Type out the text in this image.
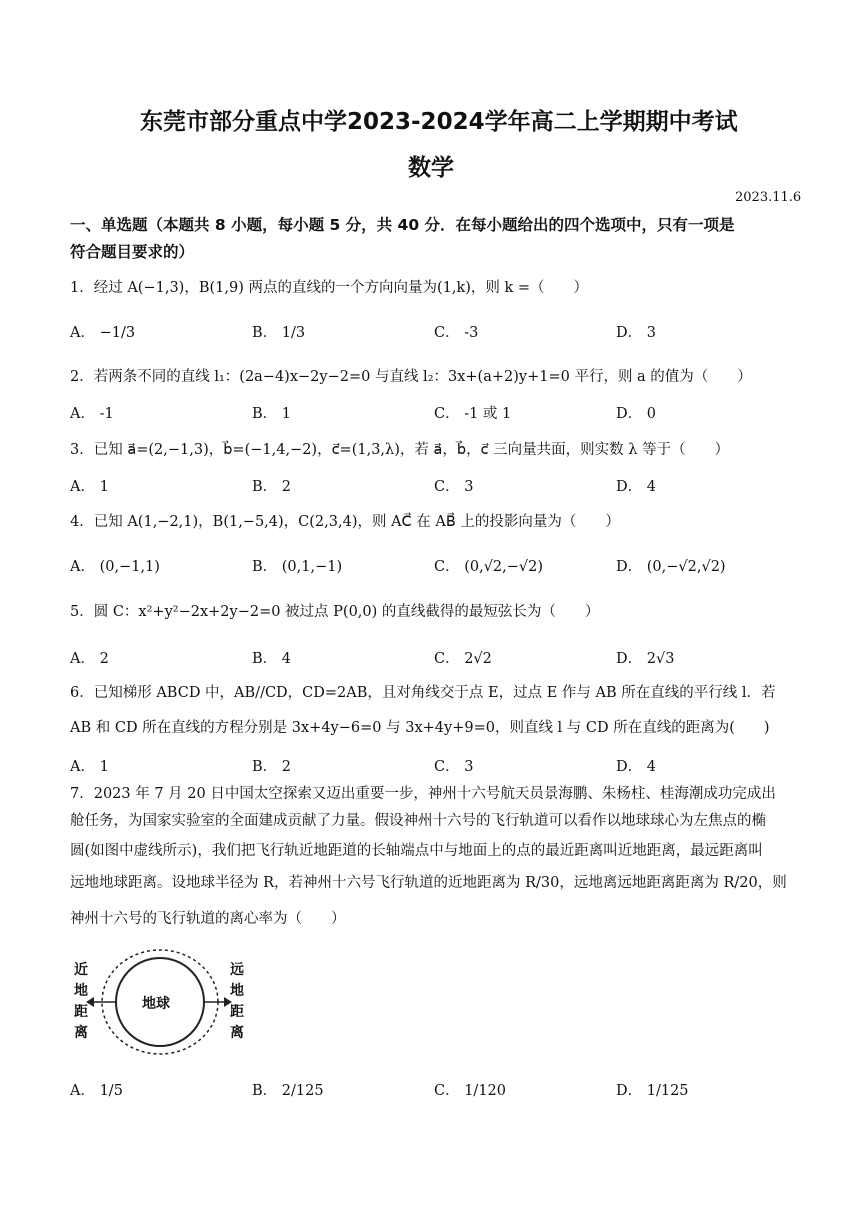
东莞市部分重点中学2023-2024学年高二上学期期中考试
数学
2023.11.6
一、单选题（本题共 8 小题，每小题 5 分，共 40 分．在每小题给出的四个选项中，只有一项是
符合题目要求的）
1．经过 A(−1,3)，B(1,9) 两点的直线的一个方向向量为(1,k)，则 k =（　　）
A． −1/3	B． 1/3	C． -3	D． 3
2．若两条不同的直线 l₁：(2a−4)x−2y−2=0 与直线 l₂：3x+(a+2)y+1=0 平行，则 a 的值为（　　）
A． -1	B． 1	C． -1 或 1	D． 0
3．已知 a⃗=(2,−1,3)，b⃗=(−1,4,−2)，c⃗=(1,3,λ)，若 a⃗，b⃗，c⃗ 三向量共面，则实数 λ 等于（　　）
A． 1	B． 2	C． 3	D． 4
4．已知 A(1,−2,1)，B(1,−5,4)，C(2,3,4)，则 AC⃗ 在 AB⃗ 上的投影向量为（　　）
A． (0,−1,1)	B． (0,1,−1)	C． (0,√2,−√2)	D． (0,−√2,√2)
5．圆 C：x²+y²−2x+2y−2=0 被过点 P(0,0) 的直线截得的最短弦长为（　　）
A． 2	B． 4	C． 2√2	D． 2√3
6．已知梯形 ABCD 中，AB//CD，CD=2AB，且对角线交于点 E，过点 E 作与 AB 所在直线的平行线 l．若
AB 和 CD 所在直线的方程分别是 3x+4y−6=0 与 3x+4y+9=0，则直线 l 与 CD 所在直线的距离为(　　)
A． 1	B． 2	C． 3	D． 4
7．2023 年 7 月 20 日中国太空探索又迈出重要一步，神州十六号航天员景海鹏、朱杨柱、桂海潮成功完成出
舱任务，为国家实验室的全面建成贡献了力量。假设神州十六号的飞行轨道可以看作以地球球心为左焦点的椭
圆(如图中虚线所示)，我们把飞行轨近地距道的长轴端点中与地面上的点的最近距离叫近地距离，最远距离叫
远地地球距离。设地球半径为 R，若神州十六号飞行轨道的近地距离为 R/30，远地离远地距离距离为 R/20，则
神州十六号的飞行轨道的离心率为（　　）
近地距离
地球
远地距离
A． 1/5	B． 2/125	C． 1/120	D． 1/125
